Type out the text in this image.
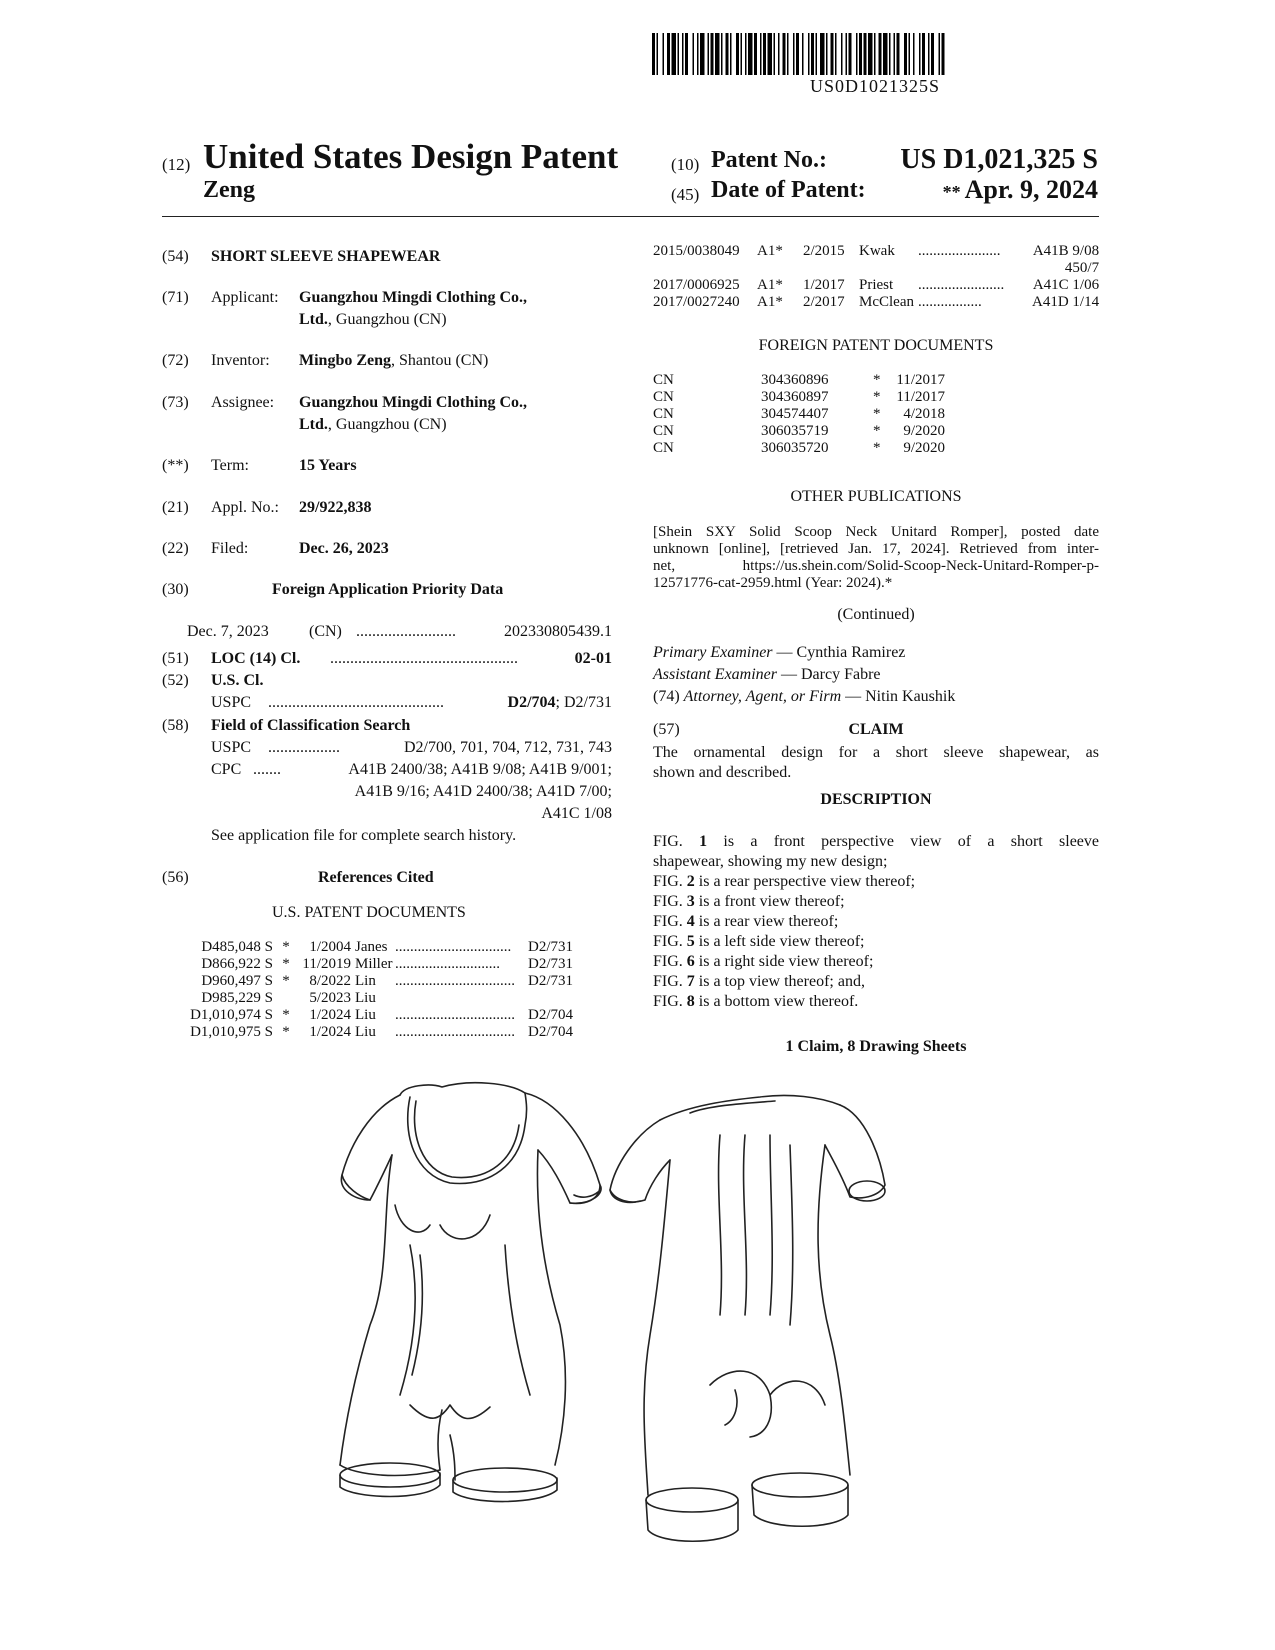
US0D1021325S
(12) United States Design Patent
Zeng
(10) Patent No.:	US D1,021,325 S
(45) Date of Patent:	** Apr. 9, 2024
(54) SHORT SLEEVE SHAPEWEAR
(71) Applicant: Guangzhou Mingdi Clothing Co.,
Ltd., Guangzhou (CN)
(72) Inventor: Mingbo Zeng, Shantou (CN)
(73) Assignee: Guangzhou Mingdi Clothing Co.,
Ltd., Guangzhou (CN)
(**) Term:	15 Years
(21) Appl. No.: 29/922,838
(22) Filed:	Dec. 26, 2023
(30)	Foreign Application Priority Data
Dec. 7, 2023	(CN) .........................	202330805439.1
(51) LOC (14) Cl. ...............................................	02-01
(52) U.S. Cl.
USPC ............................................	D2/704; D2/731
(58) Field of Classification Search
USPC ..................	D2/700, 701, 704, 712, 731, 743
CPC .......	A41B 2400/38; A41B 9/08; A41B 9/001;
A41B 9/16; A41D 2400/38; A41D 7/00;
A41C 1/08
See application file for complete search history.
(56)	References Cited
U.S. PATENT DOCUMENTS
D485,048 S	*	1/2004	Janes	...............................	D2/731
D866,922 S	*	11/2019	Miller	............................	D2/731
D960,497 S	*	8/2022	Lin	................................	D2/731
D985,229 S		5/2023	Liu		
D1,010,974 S	*	1/2024	Liu	................................	D2/704
D1,010,975 S	*	1/2024	Liu	................................	D2/704
2015/0038049	A1*	2/2015	Kwak	......................	A41B 9/08
450/7					
2017/0006925	A1*	1/2017	Priest	.......................	A41C 1/06
2017/0027240	A1*	2/2017	McClean	.................	A41D 1/14
FOREIGN PATENT DOCUMENTS
CN	304360896	*	11/2017
CN	304360897	*	11/2017
CN	304574407	*	4/2018
CN	306035719	*	9/2020
CN	306035720	*	9/2020
OTHER PUBLICATIONS
[Shein SXY Solid Scoop Neck Unitard Romper], posted date
unknown [online], [retrieved Jan. 17, 2024]. Retrieved from inter-
net, https://us.shein.com/Solid-Scoop-Neck-Unitard-Romper-p-
12571776-cat-2959.html (Year: 2024).*
(Continued)
Primary Examiner — Cynthia Ramirez
Assistant Examiner — Darcy Fabre
(74) Attorney, Agent, or Firm — Nitin Kaushik
(57)	CLAIM
The ornamental design for a short sleeve shapewear, as
shown and described.
DESCRIPTION
FIG. 1 is a front perspective view of a short sleeve
shapewear, showing my new design;
FIG. 2 is a rear perspective view thereof;
FIG. 3 is a front view thereof;
FIG. 4 is a rear view thereof;
FIG. 5 is a left side view thereof;
FIG. 6 is a right side view thereof;
FIG. 7 is a top view thereof; and,
FIG. 8 is a bottom view thereof.
1 Claim, 8 Drawing Sheets
